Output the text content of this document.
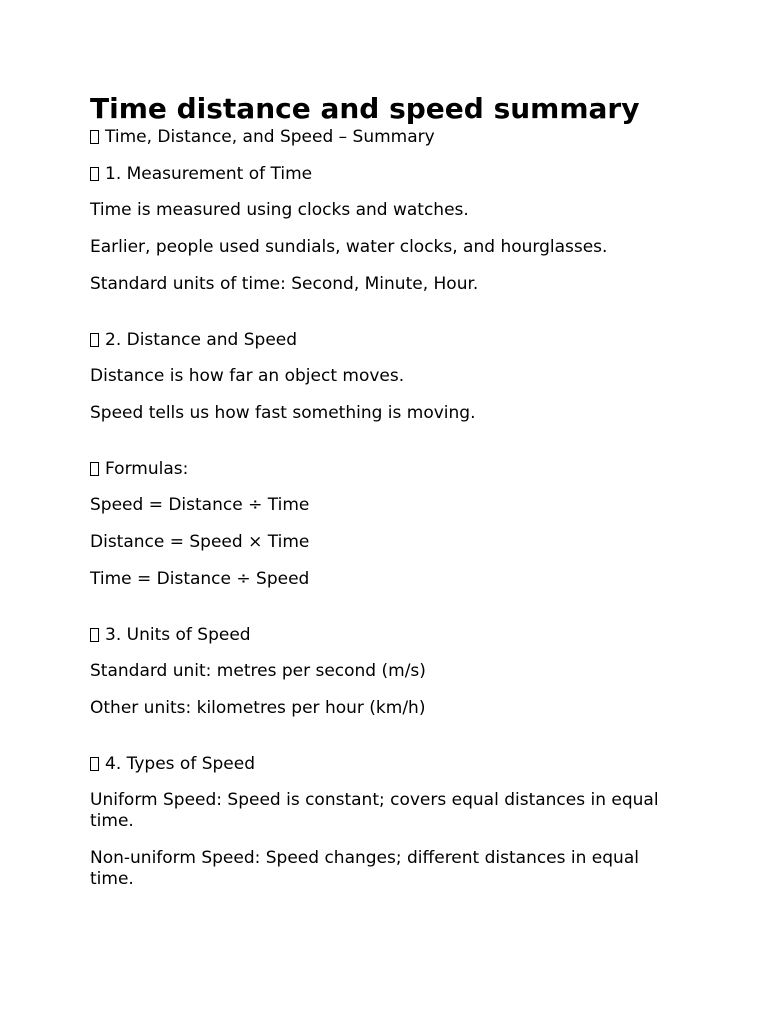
Time distance and speed summary
Time, Distance, and Speed – Summary
1. Measurement of Time

Time is measured using clocks and watches.

Earlier, people used sundials, water clocks, and hourglasses.

Standard units of time: Second, Minute, Hour.

2. Distance and Speed

Distance is how far an object moves.

Speed tells us how fast something is moving.

Formulas:

Speed = Distance ÷ Time

Distance = Speed × Time

Time = Distance ÷ Speed

3. Units of Speed

Standard unit: metres per second (m/s)

Other units: kilometres per hour (km/h)

4. Types of Speed

Uniform Speed: Speed is constant; covers equal distances in equal time.

Non-uniform Speed: Speed changes; different distances in equal time.
